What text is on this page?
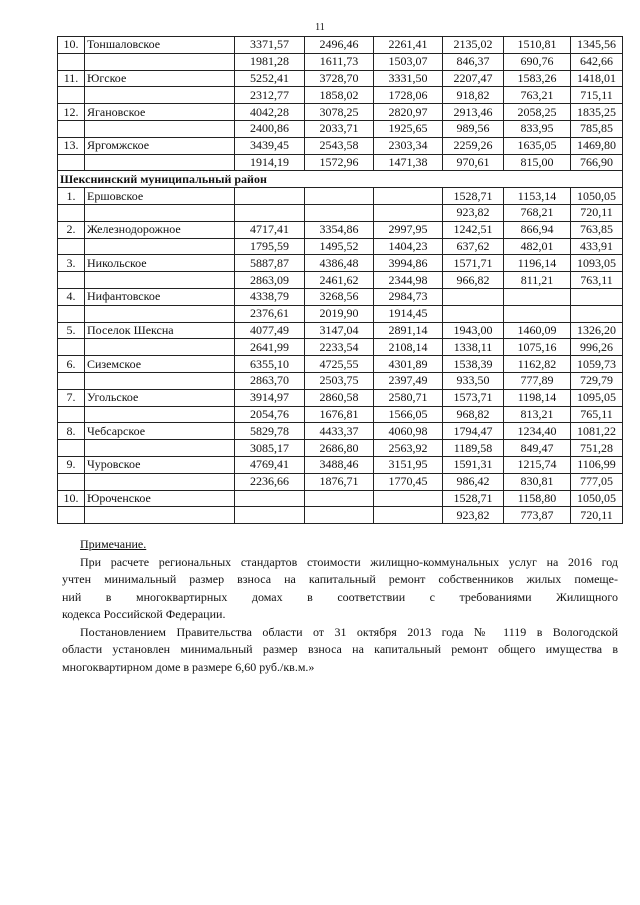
11
10.	Тоншаловское	3371,57	2496,46	2261,41	2135,02	1510,81	1345,56
		1981,28	1611,73	1503,07	846,37	690,76	642,66
11.	Югское	5252,41	3728,70	3331,50	2207,47	1583,26	1418,01
		2312,77	1858,02	1728,06	918,82	763,21	715,11
12.	Ягановское	4042,28	3078,25	2820,97	2913,46	2058,25	1835,25
		2400,86	2033,71	1925,65	989,56	833,95	785,85
13.	Яргомжское	3439,45	2543,58	2303,34	2259,26	1635,05	1469,80
		1914,19	1572,96	1471,38	970,61	815,00	766,90
Шекснинский муниципальный район							
1.	Ершовское				1528,71	1153,14	1050,05
					923,82	768,21	720,11
2.	Железнодорожное	4717,41	3354,86	2997,95	1242,51	866,94	763,85
		1795,59	1495,52	1404,23	637,62	482,01	433,91
3.	Никольское	5887,87	4386,48	3994,86	1571,71	1196,14	1093,05
		2863,09	2461,62	2344,98	966,82	811,21	763,11
4.	Нифантовское	4338,79	3268,56	2984,73			
		2376,61	2019,90	1914,45			
5.	Поселок Шексна	4077,49	3147,04	2891,14	1943,00	1460,09	1326,20
		2641,99	2233,54	2108,14	1338,11	1075,16	996,26
6.	Сиземское	6355,10	4725,55	4301,89	1538,39	1162,82	1059,73
		2863,70	2503,75	2397,49	933,50	777,89	729,79
7.	Угольское	3914,97	2860,58	2580,71	1573,71	1198,14	1095,05
		2054,76	1676,81	1566,05	968,82	813,21	765,11
8.	Чебсарское	5829,78	4433,37	4060,98	1794,47	1234,40	1081,22
		3085,17	2686,80	2563,92	1189,58	849,47	751,28
9.	Чуровское	4769,41	3488,46	3151,95	1591,31	1215,74	1106,99
		2236,66	1876,71	1770,45	986,42	830,81	777,05
10.	Юроченское				1528,71	1158,80	1050,05
					923,82	773,87	720,11

Примечание.

При расчете региональных стандартов стоимости жилищно-коммунальных услуг на 2016 год

учтен минимальный размер взноса на капитальный ремонт собственников жилых помеще-

ний в многоквартирных домах в соответствии с требованиями Жилищного

кодекса Российской Федерации.

Постановлением Правительства области от 31 октября 2013 года № 1119 в Вологодской

области установлен минимальный размер взноса на капитальный ремонт общего имущества в

многоквартирном доме в размере 6,60 руб./кв.м.»
